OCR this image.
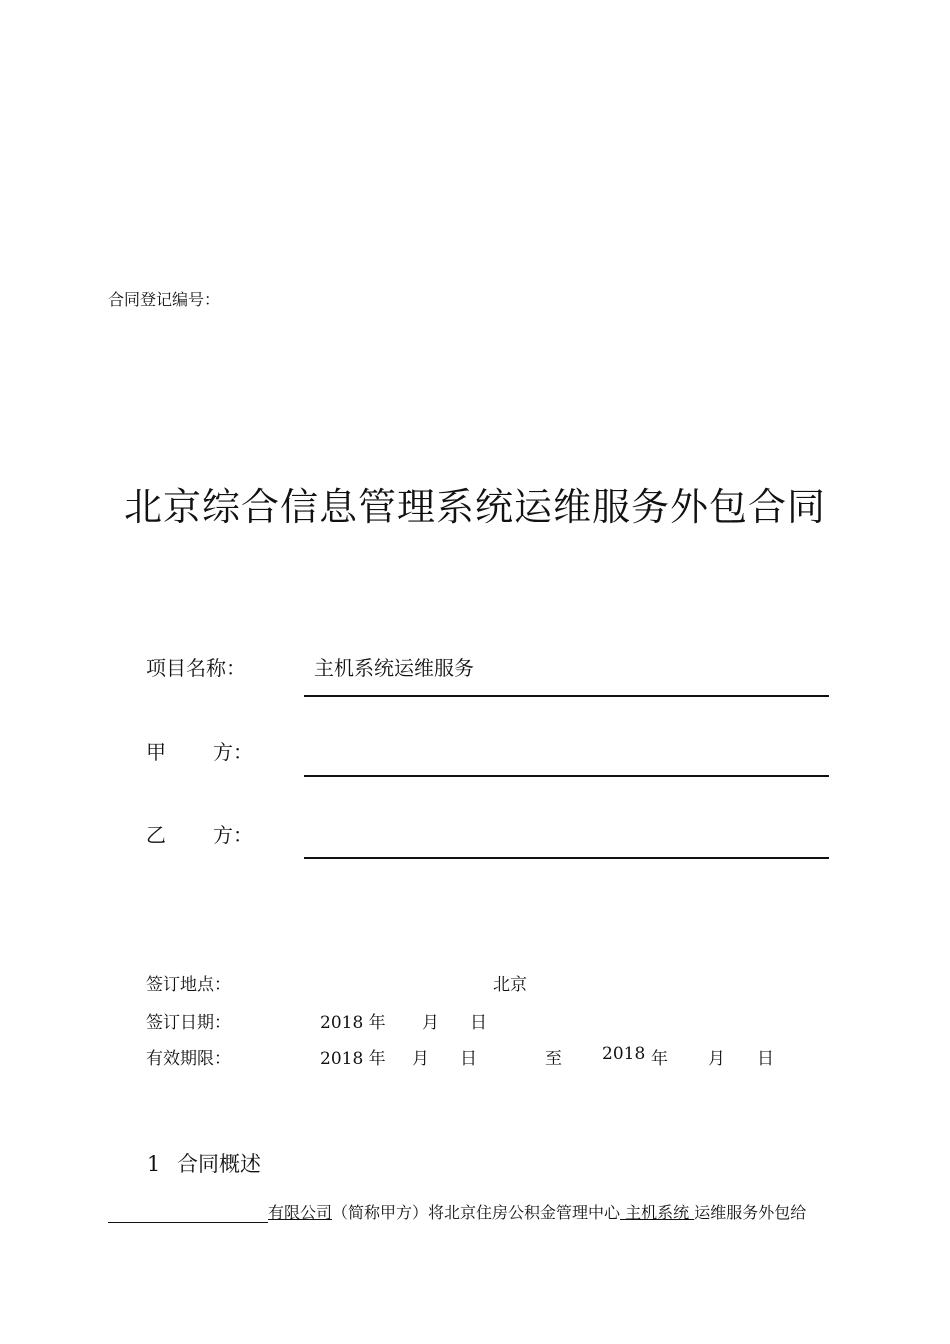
合同登记编号：
北京综合信息管理系统运维服务外包合同
项目名称：	主机系统运维服务
甲 方：
乙 方：
签订地点：	北京
签订日期：	2018 年 月 日
有效期限：	2018 年 月 日	至 2018 年 月 日
1 合同概述
有限公司（简称甲方）将北京住房公积金管理中心 主机系统 运维服务外包给
